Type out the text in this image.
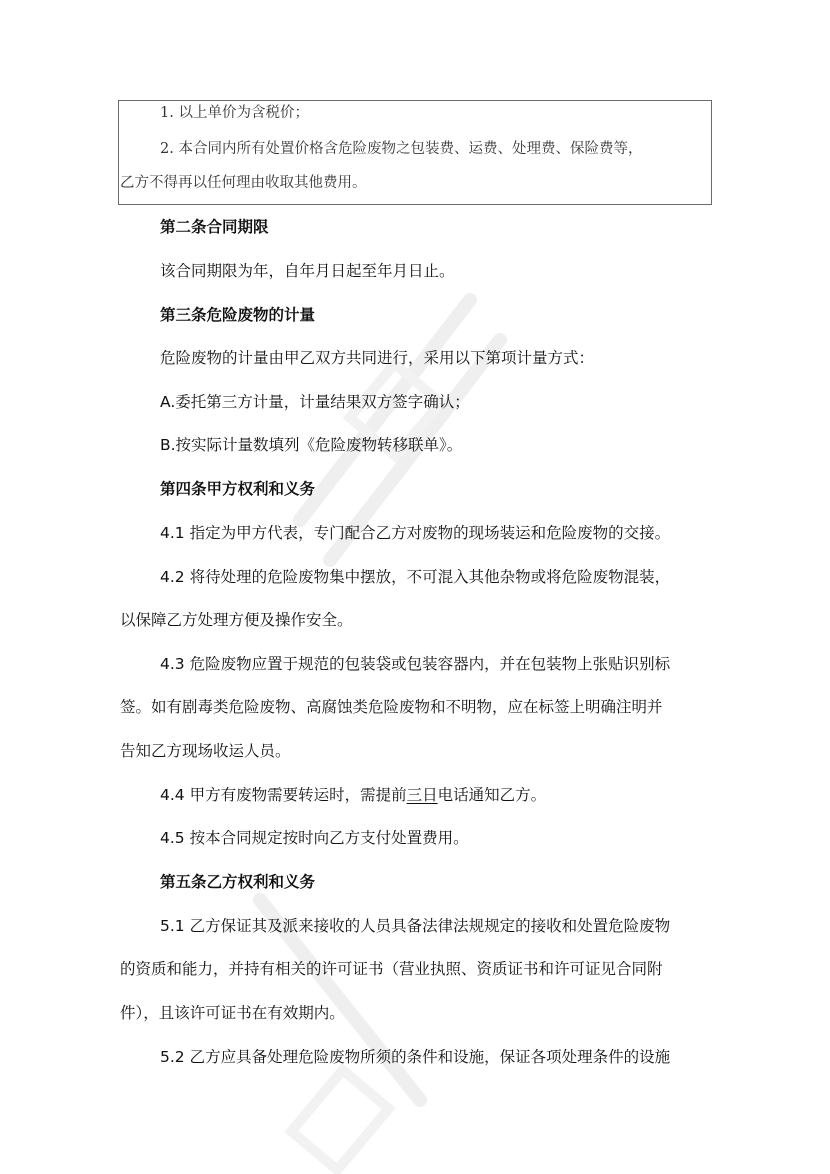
1. 以上单价为含税价；
2. 本合同内所有处置价格含危险废物之包装费、运费、处理费、保险费等，
乙方不得再以任何理由收取其他费用。
第二条合同期限
该合同期限为年，自年月日起至年月日止。
第三条危险废物的计量
危险废物的计量由甲乙双方共同进行，采用以下第项计量方式：
A.委托第三方计量，计量结果双方签字确认；
B.按实际计量数填列《危险废物转移联单》。
第四条甲方权利和义务
4.1 指定为甲方代表，专门配合乙方对废物的现场装运和危险废物的交接。
4.2 将待处理的危险废物集中摆放，不可混入其他杂物或将危险废物混装，
以保障乙方处理方便及操作安全。
4.3 危险废物应置于规范的包装袋或包装容器内，并在包装物上张贴识别标
签。如有剧毒类危险废物、高腐蚀类危险废物和不明物，应在标签上明确注明并
告知乙方现场收运人员。
4.4 甲方有废物需要转运时，需提前三日电话通知乙方。
4.5 按本合同规定按时向乙方支付处置费用。
第五条乙方权利和义务
5.1 乙方保证其及派来接收的人员具备法律法规规定的接收和处置危险废物
的资质和能力，并持有相关的许可证书（营业执照、资质证书和许可证见合同附
件），且该许可证书在有效期内。
5.2 乙方应具备处理危险废物所须的条件和设施，保证各项处理条件的设施
